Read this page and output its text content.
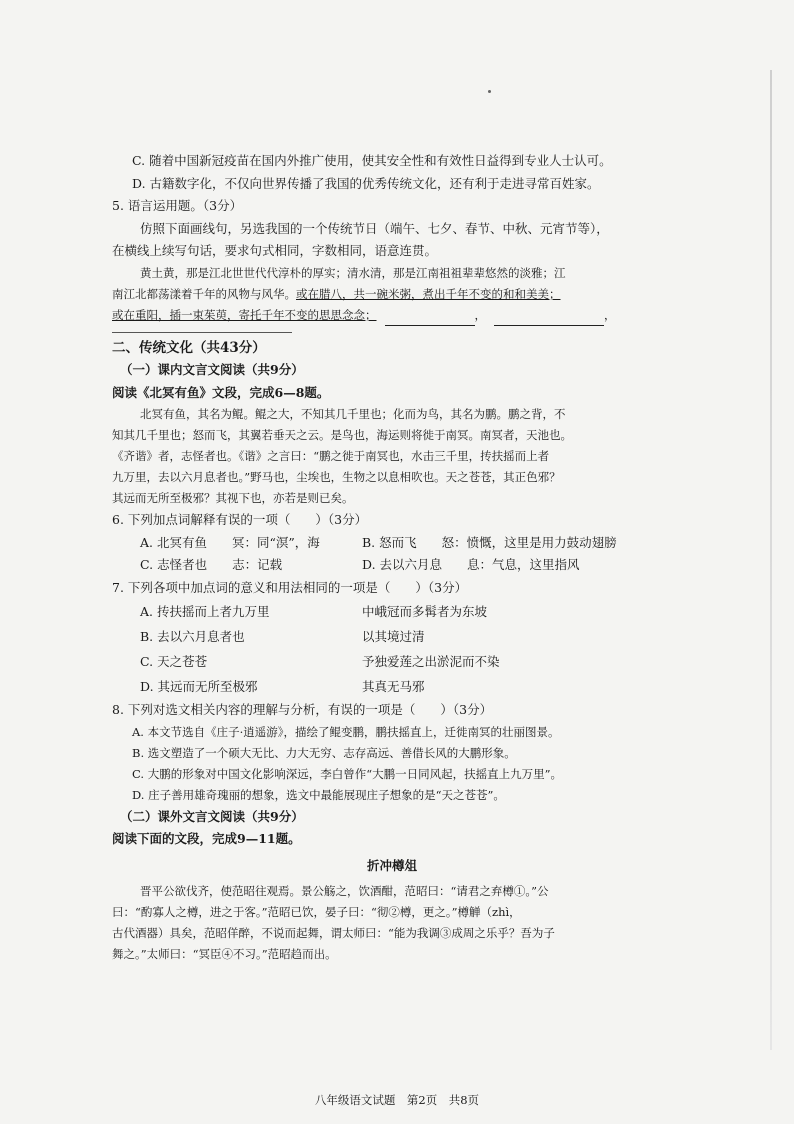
C. 随着中国新冠疫苗在国内外推广使用，使其安全性和有效性日益得到专业人士认可。
D. 古籍数字化，不仅向世界传播了我国的优秀传统文化，还有利于走进寻常百姓家。
5. 语言运用题。（3分）
仿照下面画线句，另选我国的一个传统节日（端午、七夕、春节、中秋、元宵节等），
在横线上续写句话，要求句式相同，字数相同，语意连贯。
黄土黄，那是江北世世代代淳朴的厚实；清水清，那是江南祖祖辈辈悠然的淡雅；江
南江北都荡漾着千年的风物与风华。或在腊八，共一碗米粥，煮出千年不变的和和美美；
或在重阳，插一束茱萸，寄托千年不变的思思念念；	，	，
二、传统文化（共43分）
（一）课内文言文阅读（共9分）
阅读《北冥有鱼》文段，完成6—8题。
北冥有鱼，其名为鲲。鲲之大，不知其几千里也；化而为鸟，其名为鹏。鹏之背，不
知其几千里也；怒而飞，其翼若垂天之云。是鸟也，海运则将徙于南冥。南冥者，天池也。
《齐谐》者，志怪者也。《谐》之言曰：“鹏之徙于南冥也，水击三千里，抟扶摇而上者
九万里，去以六月息者也。”野马也，尘埃也，生物之以息相吹也。天之苍苍，其正色邪？
其远而无所至极邪？其视下也，亦若是则已矣。
6. 下列加点词解释有误的一项（　　）（3分）
A. 北冥有鱼　　冥：同“溟”，海	B. 怒而飞　　怒：愤慨，这里是用力鼓动翅膀
C. 志怪者也　　志：记载	D. 去以六月息　　息：气息，这里指风
7. 下列各项中加点词的意义和用法相同的一项是（　　）（3分）
A. 抟扶摇而上者九万里	中峨冠而多髯者为东坡
B. 去以六月息者也	以其境过清
C. 天之苍苍	予独爱莲之出淤泥而不染
D. 其远而无所至极邪	其真无马邪
8. 下列对选文相关内容的理解与分析，有误的一项是（　　）（3分）
A. 本文节选自《庄子·逍遥游》，描绘了鲲变鹏，鹏扶摇直上，迁徙南冥的壮丽图景。
B. 选文塑造了一个硕大无比、力大无穷、志存高远、善借长风的大鹏形象。
C. 大鹏的形象对中国文化影响深远，李白曾作“大鹏一日同风起，扶摇直上九万里”。
D. 庄子善用雄奇瑰丽的想象，选文中最能展现庄子想象的是“天之苍苍”。
（二）课外文言文阅读（共9分）
阅读下面的文段，完成9—11题。
折冲樽俎
晋平公欲伐齐，使范昭往观焉。景公觞之，饮酒酣，范昭曰：“请君之弃樽①。”公
曰：“酌寡人之樽，进之于客。”范昭已饮，晏子曰：“彻②樽，更之。”樽觯（zhì，
古代酒器）具矣，范昭佯醉，不说而起舞，谓太师曰：“能为我调③成周之乐乎？吾为子
舞之。”太师曰：“冥臣④不习。”范昭趋而出。
八年级语文试题　第2页　共8页
